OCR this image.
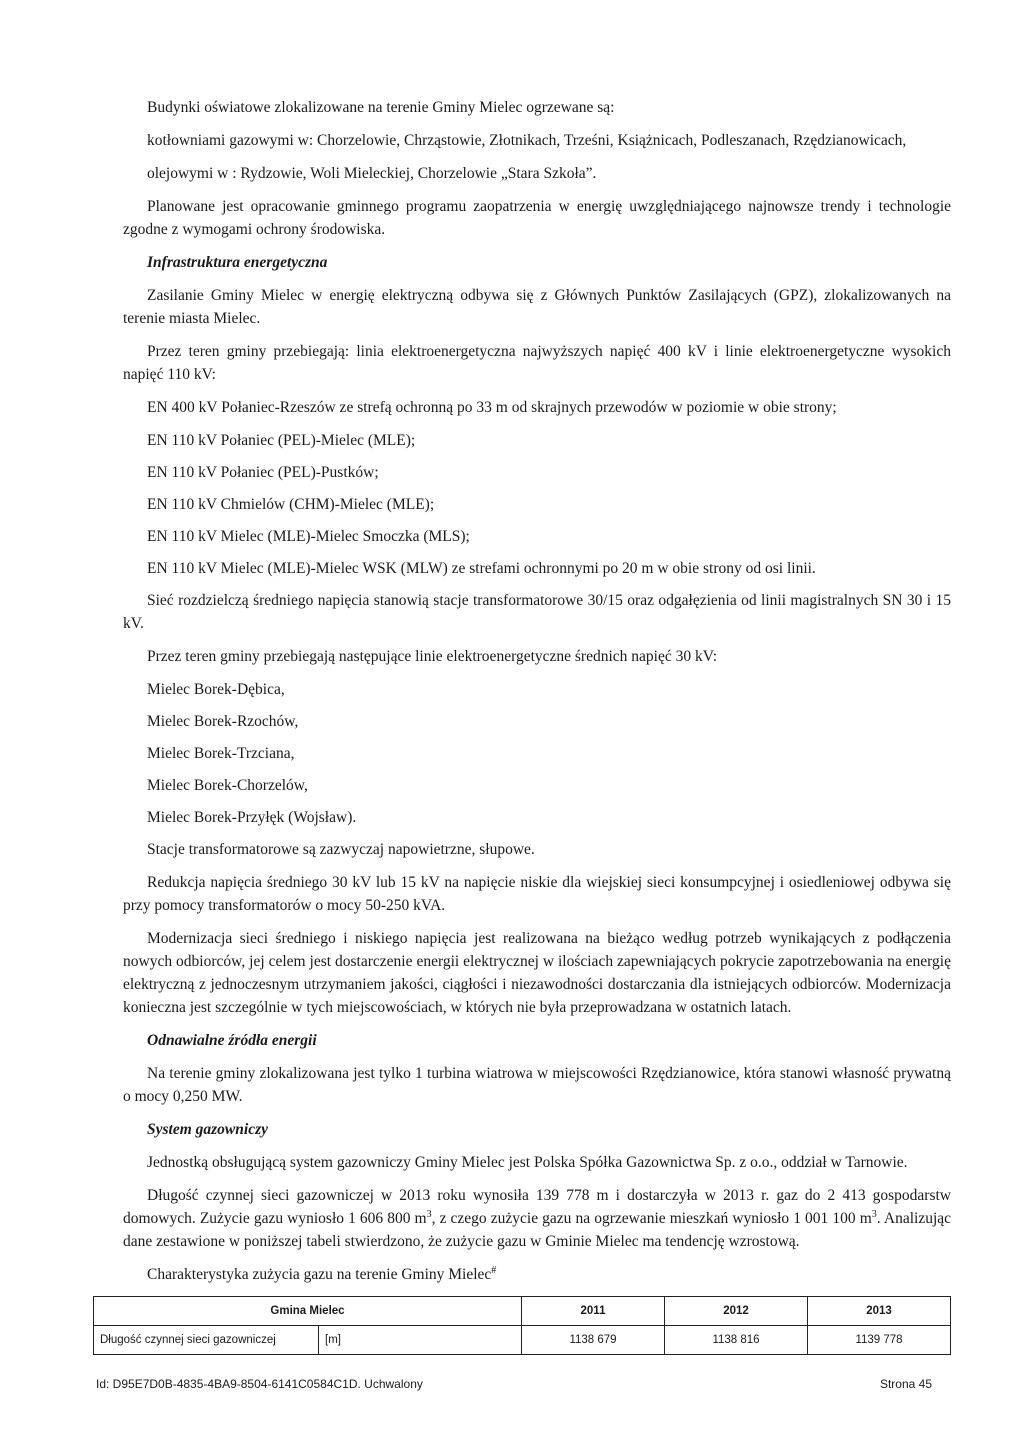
Budynki oświatowe zlokalizowane na terenie Gminy Mielec ogrzewane są:

kotłowniami gazowymi w: Chorzelowie, Chrząstowie, Złotnikach, Trześni, Książnicach, Podleszanach, Rzędzianowicach,

olejowymi w : Rydzowie, Woli Mieleckiej, Chorzelowie „Stara Szkoła”.

Planowane jest opracowanie gminnego programu zaopatrzenia w energię uwzględniającego najnowsze trendy i technologie zgodne z wymogami ochrony środowiska.

Infrastruktura energetyczna

Zasilanie Gminy Mielec w energię elektryczną odbywa się z Głównych Punktów Zasilających (GPZ), zlokalizowanych na terenie miasta Mielec.

Przez teren gminy przebiegają: linia elektroenergetyczna najwyższych napięć 400 kV i linie elektroenergetyczne wysokich napięć 110 kV:

EN 400 kV Połaniec-Rzeszów ze strefą ochronną po 33 m od skrajnych przewodów w poziomie w obie strony;

EN 110 kV Połaniec (PEL)-Mielec (MLE);

EN 110 kV Połaniec (PEL)-Pustków;

EN 110 kV Chmielów (CHM)-Mielec (MLE);

EN 110 kV Mielec (MLE)-Mielec Smoczka (MLS);

EN 110 kV Mielec (MLE)-Mielec WSK (MLW) ze strefami ochronnymi po 20 m w obie strony od osi linii.

Sieć rozdzielczą średniego napięcia stanowią stacje transformatorowe 30/15 oraz odgałęzienia od linii magistralnych SN 30 i 15 kV.

Przez teren gminy przebiegają następujące linie elektroenergetyczne średnich napięć 30 kV:

Mielec Borek-Dębica,

Mielec Borek-Rzochów,

Mielec Borek-Trzciana,

Mielec Borek-Chorzelów,

Mielec Borek-Przyłęk (Wojsław).

Stacje transformatorowe są zazwyczaj napowietrzne, słupowe.

Redukcja napięcia średniego 30 kV lub 15 kV na napięcie niskie dla wiejskiej sieci konsumpcyjnej i osiedleniowej odbywa się przy pomocy transformatorów o mocy 50-250 kVA.

Modernizacja sieci średniego i niskiego napięcia jest realizowana na bieżąco według potrzeb wynikających z podłączenia nowych odbiorców, jej celem jest dostarczenie energii elektrycznej w ilościach zapewniających pokrycie zapotrzebowania na energię elektryczną z jednoczesnym utrzymaniem jakości, ciągłości i niezawodności dostarczania dla istniejących odbiorców. Modernizacja konieczna jest szczególnie w tych miejscowościach, w których nie była przeprowadzana w ostatnich latach.

Odnawialne źródła energii

Na terenie gminy zlokalizowana jest tylko 1 turbina wiatrowa w miejscowości Rzędzianowice, która stanowi własność prywatną o mocy 0,250 MW.

System gazowniczy

Jednostką obsługującą system gazowniczy Gminy Mielec jest Polska Spółka Gazownictwa Sp. z o.o., oddział w Tarnowie.

Długość czynnej sieci gazowniczej w 2013 roku wynosiła 139 778 m i dostarczyła w 2013 r. gaz do 2 413 gospodarstw domowych. Zużycie gazu wyniosło 1 606 800 $m^3$, z czego zużycie gazu na ogrzewanie mieszkań wyniosło 1 001 100 $m^3$. Analizując dane zestawione w poniższej tabeli stwierdzono, że zużycie gazu w Gminie Mielec ma tendencję wzrostową.

Charakterystyka zużycia gazu na terenie Gminy Mielec#

Gmina Mielec		2011	2012	2013
Długość czynnej sieci gazowniczej	[m]	1138 679	1138 816	1139 778
Id: D95E7D0B-4835-4BA9-8504-6141C0584C1D. Uchwalony	Strona 45
